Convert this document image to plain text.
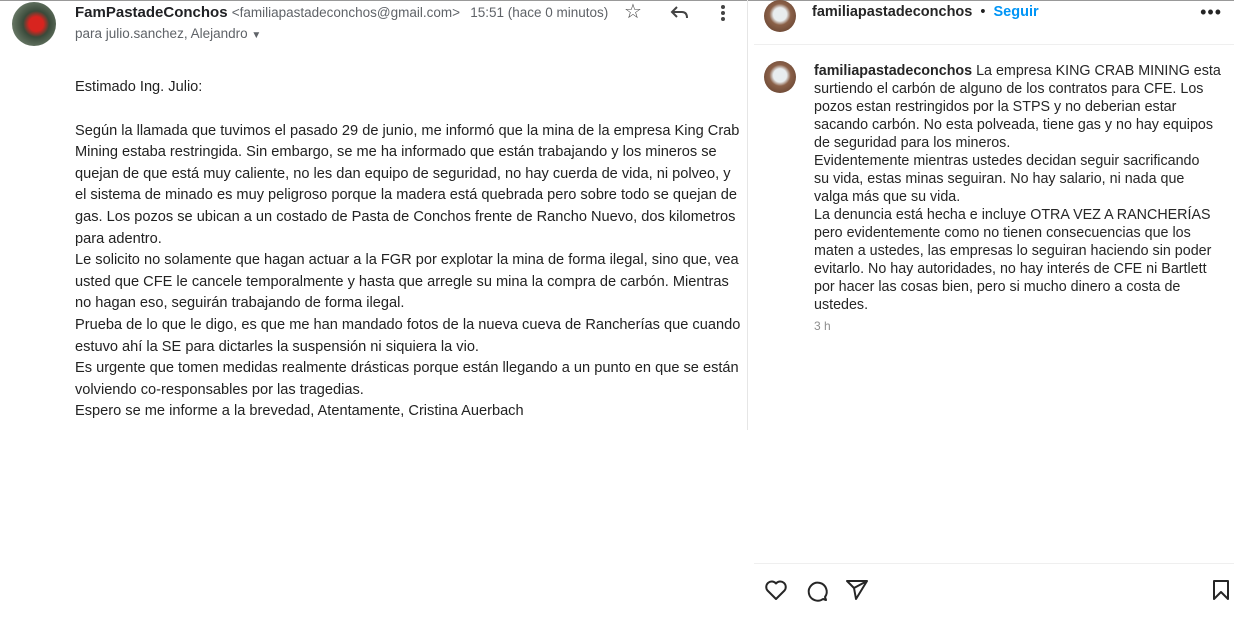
FamPastadeConchos <familiapastadeconchos@gmail.com> 15:51 (hace 0 minutos)
para julio.sanchez, Alejandro ▼
☆
Estimado Ing. Julio:
Según la llamada que tuvimos el pasado 29 de junio, me informó que la mina de la empresa King Crab
Mining estaba restringida. Sin embargo, se me ha informado que están trabajando y los mineros se
quejan de que está muy caliente, no les dan equipo de seguridad, no hay cuerda de vida, ni polveo, y
el sistema de minado es muy peligroso porque la madera está quebrada pero sobre todo se quejan de
gas. Los pozos se ubican a un costado de Pasta de Conchos frente de Rancho Nuevo, dos kilometros
para adentro.
Le solicito no solamente que hagan actuar a la FGR por explotar la mina de forma ilegal, sino que, vea
usted que CFE le cancele temporalmente y hasta que arregle su mina la compra de carbón. Mientras
no hagan eso, seguirán trabajando de forma ilegal.
Prueba de lo que le digo, es que me han mandado fotos de la nueva cueva de Rancherías que cuando
estuvo ahí la SE para dictarles la suspensión ni siquiera la vio.
Es urgente que tomen medidas realmente drásticas porque están llegando a un punto en que se están
volviendo co-responsables por las tragedias.
Espero se me informe a la brevedad, Atentamente, Cristina Auerbach
familiapastadeconchos • Seguir	•••
familiapastadeconchos La empresa KING CRAB MINING esta
surtiendo el carbón de alguno de los contratos para CFE. Los
pozos estan restringidos por la STPS y no deberian estar
sacando carbón. No esta polveada, tiene gas y no hay equipos
de seguridad para los mineros.
Evidentemente mientras ustedes decidan seguir sacrificando
su vida, estas minas seguiran. No hay salario, ni nada que
valga más que su vida.
La denuncia está hecha e incluye OTRA VEZ A RANCHERÍAS
pero evidentemente como no tienen consecuencias que los
maten a ustedes, las empresas lo seguiran haciendo sin poder
evitarlo. No hay autoridades, no hay interés de CFE ni Bartlett
por hacer las cosas bien, pero si mucho dinero a costa de
ustedes.
3 h
